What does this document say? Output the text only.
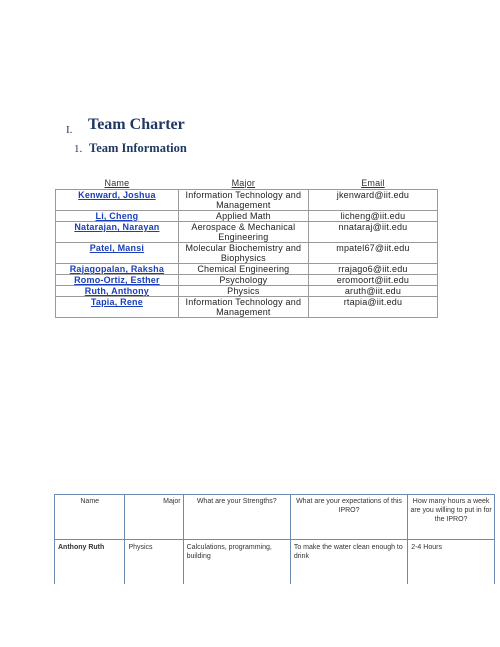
I. Team Charter
1. Team Information
Name	Major	Email
Kenward, Joshua	Information Technology and Management	jkenward@iit.edu
Li, Cheng	Applied Math	licheng@iit.edu
Natarajan, Narayan	Aerospace & Mechanical Engineering	nnataraj@iit.edu
Patel, Mansi	Molecular Biochemistry and Biophysics	mpatel67@iit.edu
Rajagopalan, Raksha	Chemical Engineering	rrajago6@iit.edu
Romo-Ortiz, Esther	Psychology	eromoort@iit.edu
Ruth, Anthony	Physics	aruth@iit.edu
Tapia, Rene	Information Technology and Management	rtapia@iit.edu
Name	Major	What are your Strengths?	What are your expectations of this IPRO?	How many hours a week are you willing to put in for the IPRO?
Anthony Ruth	Physics	Calculations, programming, building	To make the water clean enough to drink	2-4 Hours
